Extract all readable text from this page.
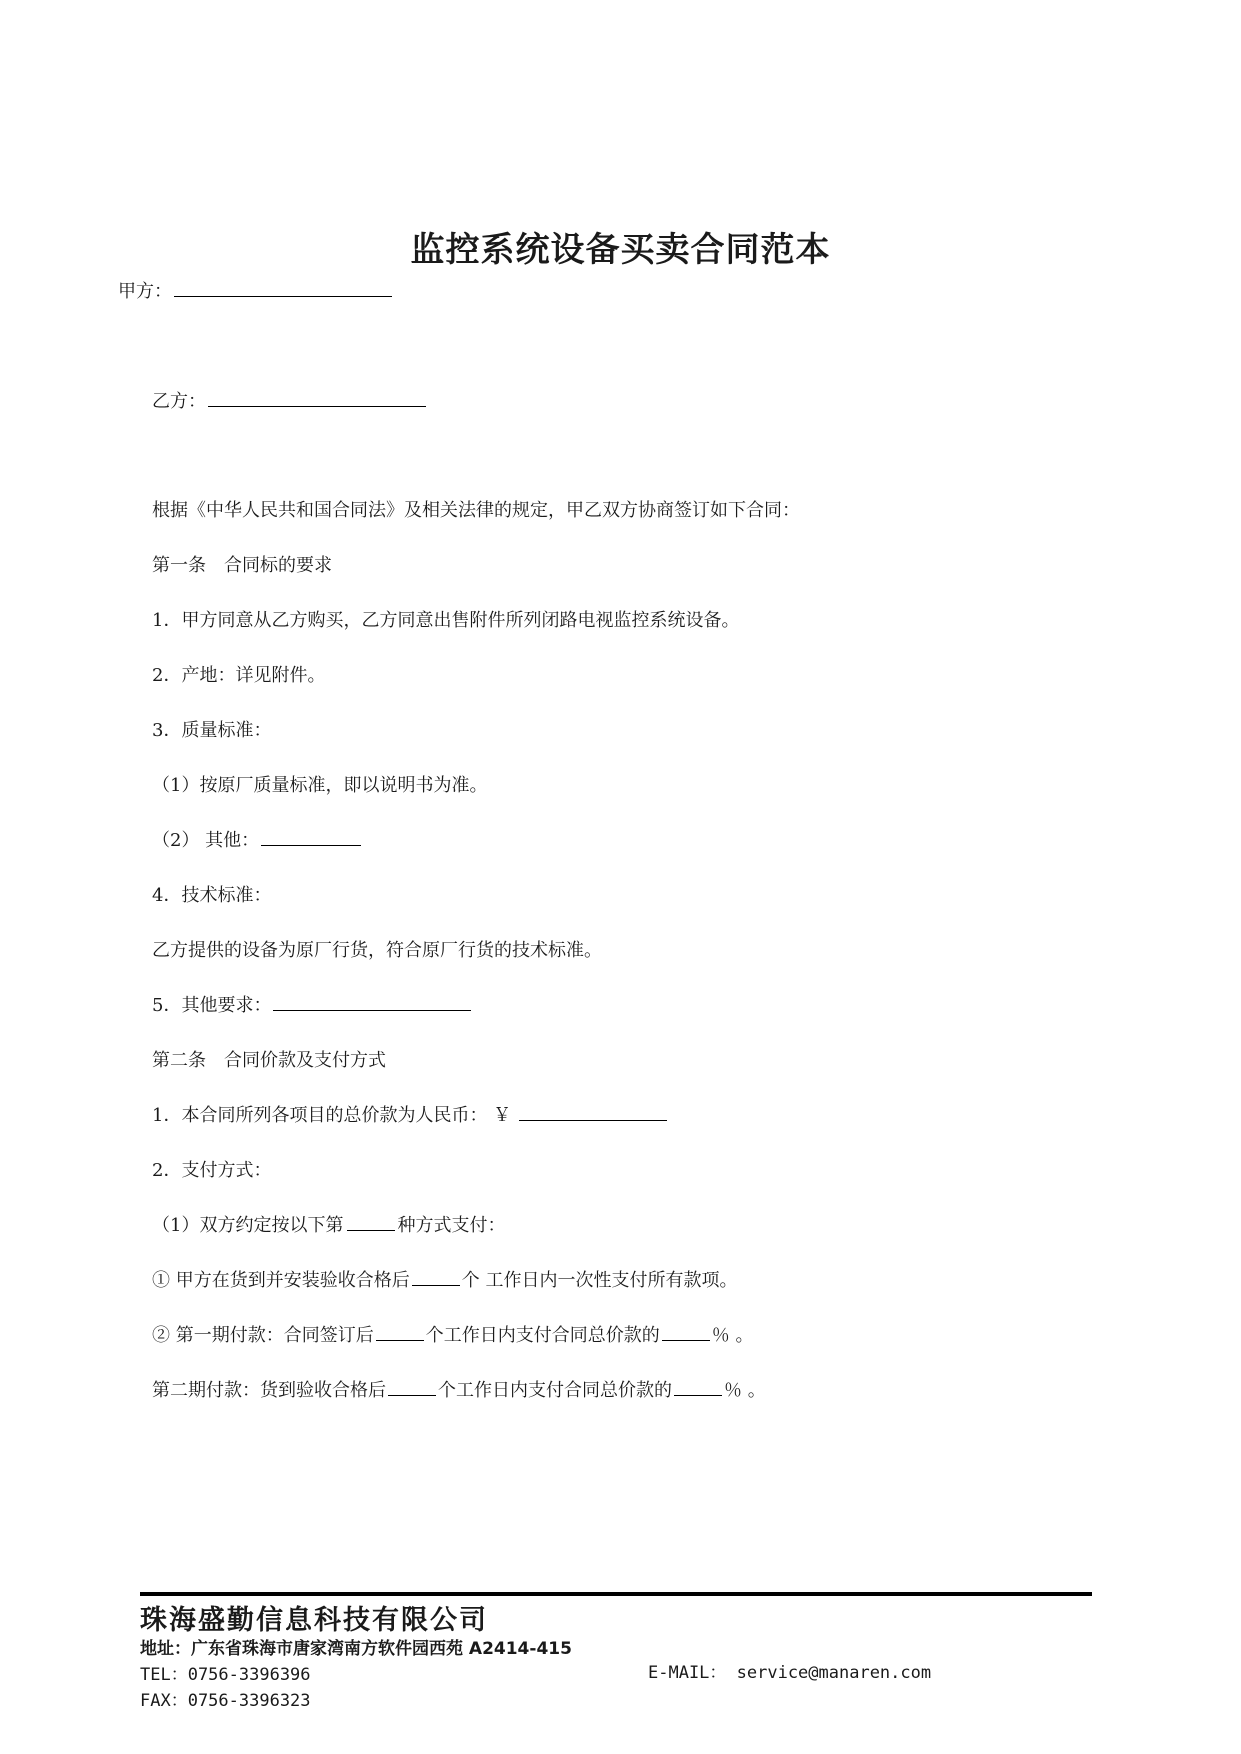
监控系统设备买卖合同范本
甲方：
乙方：
根据《中华人民共和国合同法》及相关法律的规定，甲乙双方协商签订如下合同：
第一条　合同标的要求
1．甲方同意从乙方购买，乙方同意出售附件所列闭路电视监控系统设备。
2．产地：详见附件。
3．质量标准：
（1）按原厂质量标准，即以说明书为准。
（2） 其他：
4．技术标准：
乙方提供的设备为原厂行货，符合原厂行货的技术标准。
5．其他要求：
第二条　合同价款及支付方式
1．本合同所列各项目的总价款为人民币： ￥
2．支付方式：
（1）双方约定按以下第	种方式支付：
① 甲方在货到并安装验收合格后	个 工作日内一次性支付所有款项。
② 第一期付款：合同签订后	个工作日内支付合同总价款的	％ 。
第二期付款：货到验收合格后	个工作日内支付合同总价款的	％ 。
珠海盛勤信息科技有限公司
地址：广东省珠海市唐家湾南方软件园西苑 A2414-415
TEL：0756-3396396
FAX：0756-3396323
E-MAIL： service@manaren.com
